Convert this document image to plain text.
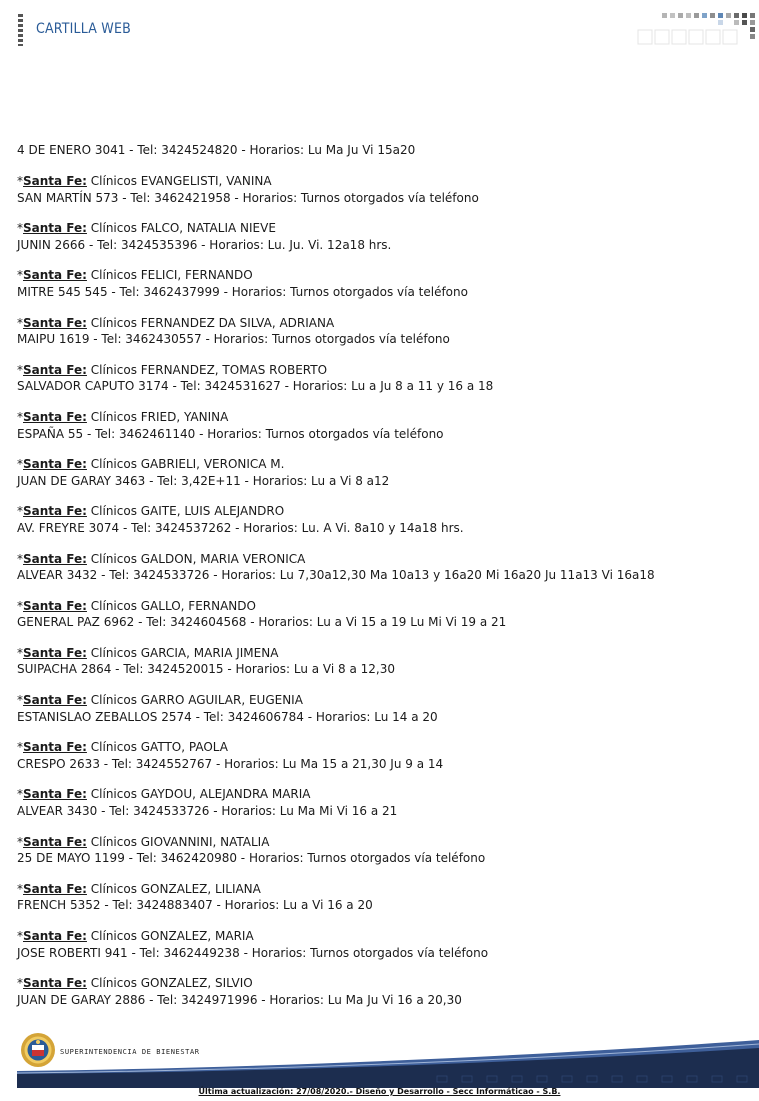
CARTILLA WEB
4 DE ENERO 3041 - Tel: 3424524820 - Horarios: Lu Ma Ju Vi 15a20
*Santa Fe: Clínicos EVANGELISTI, VANINA
SAN MARTÍN 573 - Tel: 3462421958 - Horarios: Turnos otorgados vía teléfono
*Santa Fe: Clínicos FALCO, NATALIA NIEVE
JUNIN 2666 - Tel: 3424535396 - Horarios: Lu. Ju. Vi. 12a18 hrs.
*Santa Fe: Clínicos FELICI, FERNANDO
MITRE 545 545 - Tel: 3462437999 - Horarios: Turnos otorgados vía teléfono
*Santa Fe: Clínicos FERNANDEZ DA SILVA, ADRIANA
MAIPU 1619 - Tel: 3462430557 - Horarios: Turnos otorgados vía teléfono
*Santa Fe: Clínicos FERNANDEZ, TOMAS ROBERTO
SALVADOR CAPUTO 3174 - Tel: 3424531627 - Horarios: Lu a Ju 8 a 11 y 16 a 18
*Santa Fe: Clínicos FRIED, YANINA
ESPAÑA 55 - Tel: 3462461140 - Horarios: Turnos otorgados vía teléfono
*Santa Fe: Clínicos GABRIELI, VERONICA M.
JUAN DE GARAY 3463 - Tel: 3,42E+11 - Horarios: Lu a Vi 8 a12
*Santa Fe: Clínicos GAITE, LUIS ALEJANDRO
AV. FREYRE 3074 - Tel: 3424537262 - Horarios: Lu. A Vi. 8a10 y 14a18 hrs.
*Santa Fe: Clínicos GALDON, MARIA VERONICA
ALVEAR 3432 - Tel: 3424533726 - Horarios: Lu 7,30a12,30 Ma 10a13 y 16a20 Mi 16a20 Ju 11a13 Vi 16a18
*Santa Fe: Clínicos GALLO, FERNANDO
GENERAL PAZ 6962 - Tel: 3424604568 - Horarios: Lu a Vi 15 a 19 Lu Mi Vi 19 a 21
*Santa Fe: Clínicos GARCIA, MARIA JIMENA
SUIPACHA 2864 - Tel: 3424520015 - Horarios: Lu a Vi 8 a 12,30
*Santa Fe: Clínicos GARRO AGUILAR, EUGENIA
ESTANISLAO ZEBALLOS 2574 - Tel: 3424606784 - Horarios: Lu 14 a 20
*Santa Fe: Clínicos GATTO, PAOLA
CRESPO 2633 - Tel: 3424552767 - Horarios: Lu Ma 15 a 21,30 Ju 9 a 14
*Santa Fe: Clínicos GAYDOU, ALEJANDRA MARIA
ALVEAR 3430 - Tel: 3424533726 - Horarios: Lu Ma Mi Vi 16 a 21
*Santa Fe: Clínicos GIOVANNINI, NATALIA
25 DE MAYO 1199 - Tel: 3462420980 - Horarios: Turnos otorgados vía teléfono
*Santa Fe: Clínicos GONZALEZ, LILIANA
FRENCH 5352 - Tel: 3424883407 - Horarios: Lu a Vi 16 a 20
*Santa Fe: Clínicos GONZALEZ, MARIA
JOSE ROBERTI 941 - Tel: 3462449238 - Horarios: Turnos otorgados vía teléfono
*Santa Fe: Clínicos GONZALEZ, SILVIO
JUAN DE GARAY 2886 - Tel: 3424971996 - Horarios: Lu Ma Ju Vi 16 a 20,30
SUPERINTENDENCIA DE BIENESTAR
Última actualización: 27/08/2020.- Diseño y Desarrollo - Secc Informáticao - S.B.
